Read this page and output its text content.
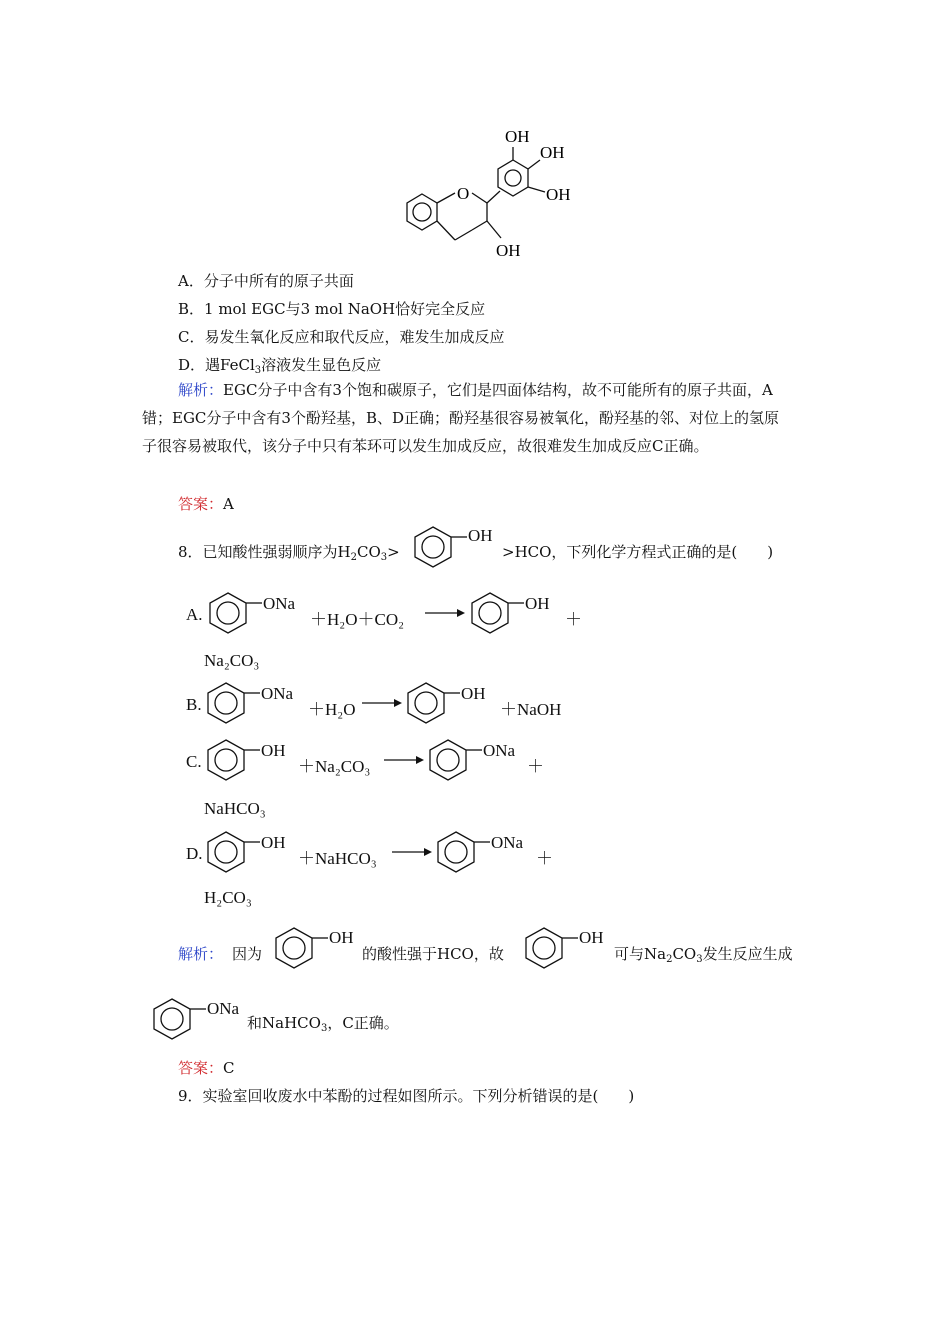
OH
OH
OH
OH
O
A．分子中所有的原子共面
B．1 mol EGC与3 mol NaOH恰好完全反应
C．易发生氧化反应和取代反应，难发生加成反应
D．遇FeCl$_3$溶液发生显色反应
解析：EGC分子中含有3个饱和碳原子，它们是四面体结构，故不可能所有的原子共面，A错；EGC分子中含有3个酚羟基，B、D正确；酚羟基很容易被氧化，酚羟基的邻、对位上的氢原子很容易被取代，该分子中只有苯环可以发生加成反应，故很难发生加成反应C正确。
答案：A
8．已知酸性强弱顺序为$H_2CO_3>$
OH
>HCO，下列化学方程式正确的是(　　)
A.
ONa
＋H₂O＋CO₂
OH
＋
Na₂CO₃
B.
ONa
＋H₂O
OH
＋NaOH
C.
OH
＋Na₂CO₃
ONa
＋
NaHCO₃
D.
OH
＋NaHCO₃
ONa
＋
H₂CO₃
解析： 因为
OH
的酸性强于HCO，故
OH
可与$Na_2CO_3$发生反应生成
ONa
和NaHCO$_3$，C正确。
答案：C
9．实验室回收废水中苯酚的过程如图所示。下列分析错误的是(　　)
